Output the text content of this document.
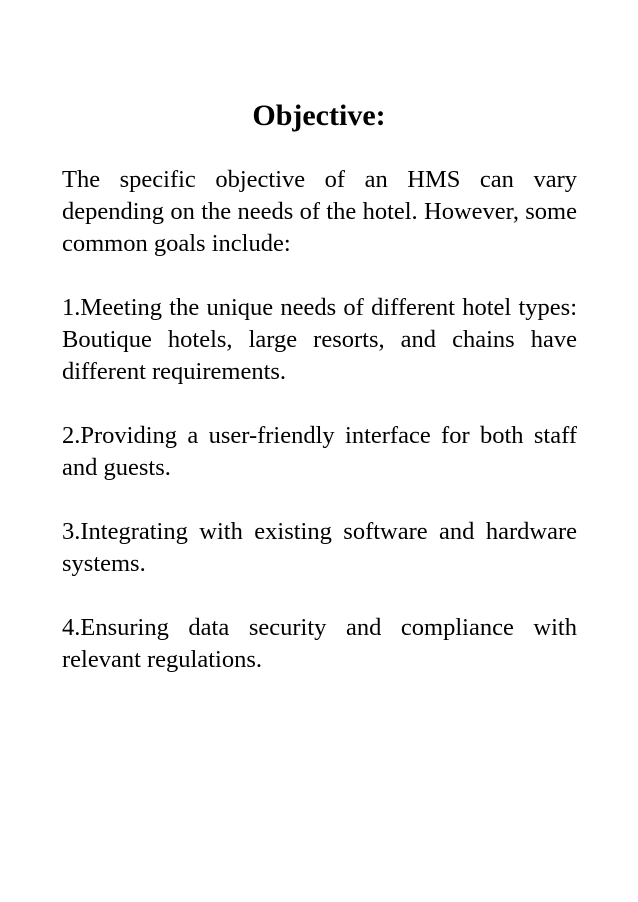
Objective:

The specific objective of an HMS can vary depending on the needs of the hotel. However, some common goals include:

1.Meeting the unique needs of different hotel types: Boutique hotels, large resorts, and chains have different requirements.

2.Providing a user-friendly interface for both staff and guests.

3.Integrating with existing software and hardware systems.

4.Ensuring data security and compliance with relevant regulations.
